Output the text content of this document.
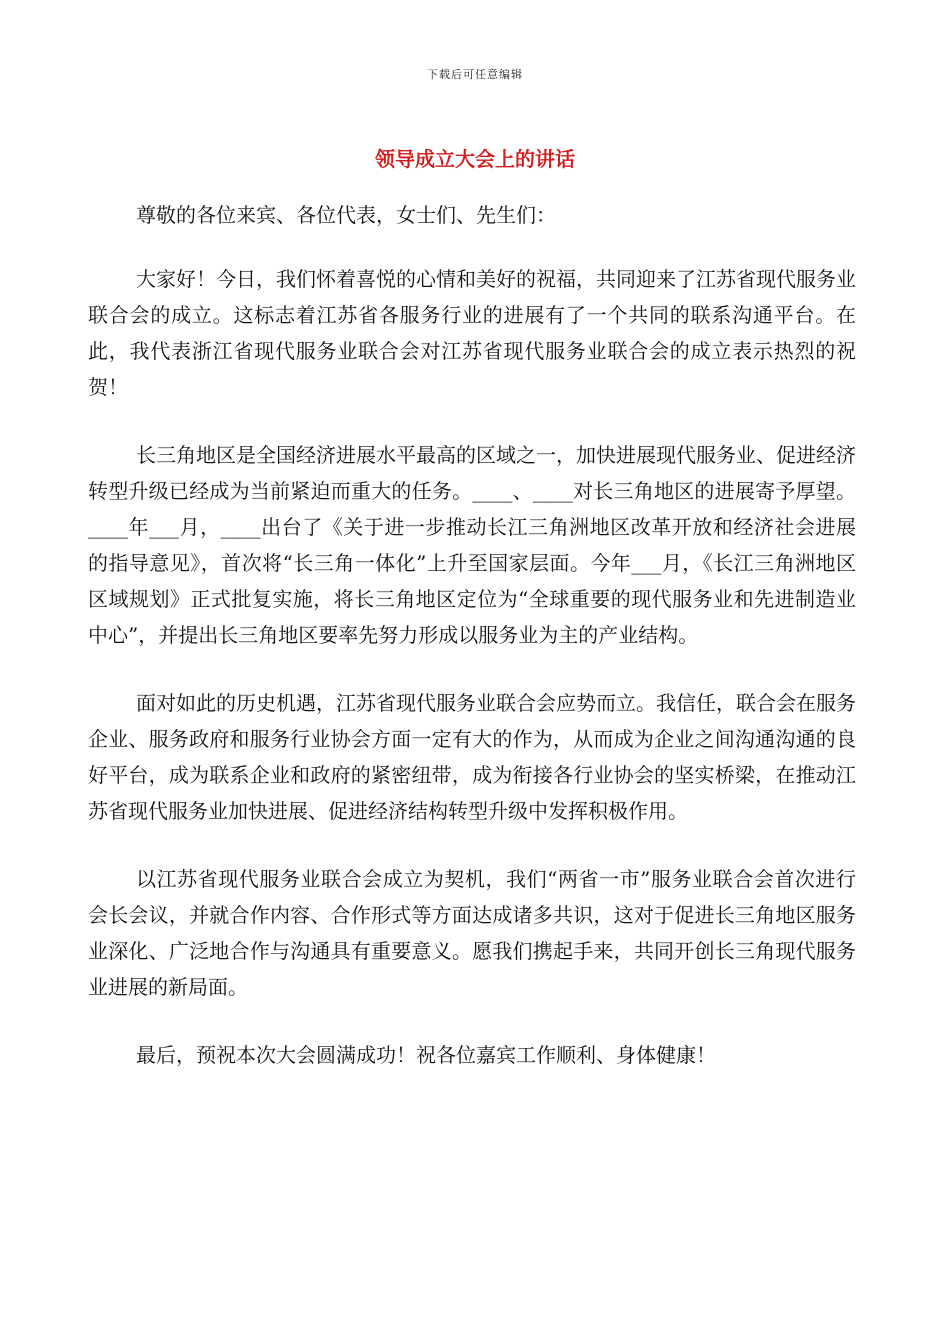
下载后可任意编辑
领导成立大会上的讲话

尊敬的各位来宾、各位代表，女士们、先生们：

大家好！今日，我们怀着喜悦的心情和美好的祝福，共同迎来了江苏省现代服务业联合会的成立。这标志着江苏省各服务行业的进展有了一个共同的联系沟通平台。在此，我代表浙江省现代服务业联合会对江苏省现代服务业联合会的成立表示热烈的祝贺！

长三角地区是全国经济进展水平最高的区域之一，加快进展现代服务业、促进经济转型升级已经成为当前紧迫而重大的任务。____、____对长三角地区的进展寄予厚望。____年___月，____出台了《关于进一步推动长江三角洲地区改革开放和经济社会进展的指导意见》，首次将“长三角一体化”上升至国家层面。今年___月，《长江三角洲地区区域规划》正式批复实施，将长三角地区定位为“全球重要的现代服务业和先进制造业中心”，并提出长三角地区要率先努力形成以服务业为主的产业结构。

面对如此的历史机遇，江苏省现代服务业联合会应势而立。我信任，联合会在服务企业、服务政府和服务行业协会方面一定有大的作为，从而成为企业之间沟通沟通的良好平台，成为联系企业和政府的紧密纽带，成为衔接各行业协会的坚实桥梁，在推动江苏省现代服务业加快进展、促进经济结构转型升级中发挥积极作用。

以江苏省现代服务业联合会成立为契机，我们“两省一市”服务业联合会首次进行会长会议，并就合作内容、合作形式等方面达成诸多共识，这对于促进长三角地区服务业深化、广泛地合作与沟通具有重要意义。愿我们携起手来，共同开创长三角现代服务业进展的新局面。

最后，预祝本次大会圆满成功！祝各位嘉宾工作顺利、身体健康！
